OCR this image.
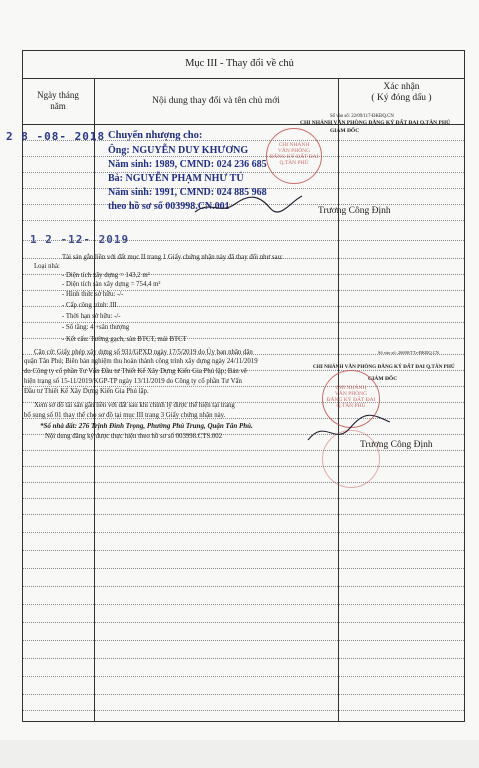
Mục III - Thay đổi về chủ
Ngày tháng
năm	Nội dung thay đổi và tên chủ mới
Xác nhận
( Ký đóng dấu )
2 8 -08- 2018 Chuyển nhượng cho:
Ông: NGUYỄN DUY KHƯƠNG
Năm sinh: 1989, CMND: 024 236 685
Bà: NGUYỄN PHẠM NHƯ TÚ
Năm sinh: 1991, CMND: 024 885 968
theo hồ sơ số 003998.CN.001
Số vào sổ: 22/09/117-ĐKĐQ.CN
CHI NHÁNH VĂN PHÒNG ĐĂNG KÝ ĐẤT ĐAI Q.TÂN PHÚ
GIÁM ĐỐC
CHI NHÁNH
VĂN PHÒNG
ĐĂNG KÝ ĐẤT ĐAI
Q.TÂN PHÚ
Trương Công Định
1 2 -12- 2019
Tài sản gắn liền với đất mục II trang 1 Giấy chứng nhận này đã thay đổi như sau:
Loại nhà:
- Diện tích xây dựng = 143,2 m²
- Diện tích sàn xây dựng = 754,4 m²
- Hình thức sở hữu: -/-
- Cấp công trình: III
- Thời hạn sở hữu: -/-
- Số tầng: 4 +sân thượng
- Kết cấu: Tường gạch, sàn BTCT, mái BTCT
Căn cứ: Giấy phép xây dựng số 931/GPXD ngày 17/5/2019 do Ủy ban nhân dân
quận Tân Phú; Biên bản nghiệm thu hoàn thành công trình xây dựng ngày 24/11/2019
do Công ty cổ phần Tư Vấn Đầu tư Thiết Kế Xây Dựng Kiến Gia Phú lập; Bản vẽ
hiện trạng số 15-11/2019/KGP-TP ngày 13/11/2019 do Công ty cổ phần Tư Vấn
Đầu tư Thiết Kế Xây Dựng Kiến Gia Phú lập.
Xem sơ đồ tài sản gắn liền với đất sau khi chỉnh lý được thể hiện tại trang
bổ sung số 01 thay thế cho sơ đồ tại mục III trang 3 Giấy chứng nhận này.
*Số nhà đất: 276 Trịnh Đình Trọng, Phường Phú Trung, Quận Tân Phú.
Nội dung đăng ký được thực hiện theo hồ sơ số 003998.CTS.002
Số vào sổ: 26690/TTr-ĐKĐQ.CN
CHI NHÁNH VĂN PHÒNG ĐĂNG KÝ ĐẤT ĐAI Q.TÂN PHÚ
GIÁM ĐỐC
CHI NHÁNH
VĂN PHÒNG
ĐĂNG KÝ ĐẤT ĐAI
Q.TÂN PHÚ
Trương Công Định
